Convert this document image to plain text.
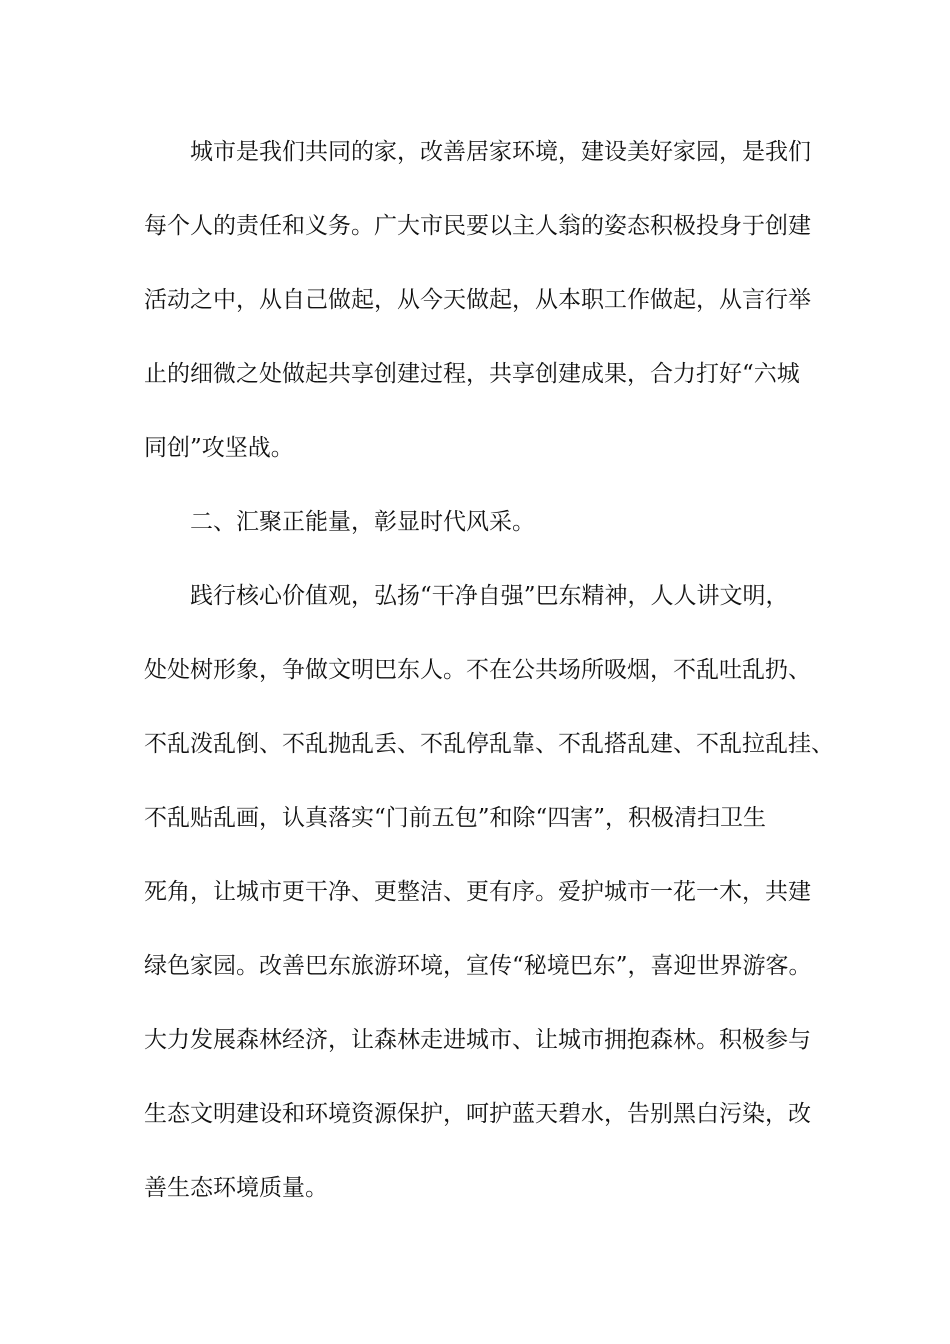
城市是我们共同的家，改善居家环境，建设美好家园，是我们

每个人的责任和义务。广大市民要以主人翁的姿态积极投身于创建

活动之中，从自己做起，从今天做起，从本职工作做起，从言行举

止的细微之处做起共享创建过程，共享创建成果，合力打好“六城

同创”攻坚战。

二、汇聚正能量，彰显时代风采。

践行核心价值观，弘扬“干净自强”巴东精神，人人讲文明，

处处树形象，争做文明巴东人。不在公共场所吸烟，不乱吐乱扔、

不乱泼乱倒、不乱抛乱丢、不乱停乱靠、不乱搭乱建、不乱拉乱挂、

不乱贴乱画，认真落实“门前五包”和除“四害”，积极清扫卫生

死角，让城市更干净、更整洁、更有序。爱护城市一花一木，共建

绿色家园。改善巴东旅游环境，宣传“秘境巴东”，喜迎世界游客。

大力发展森林经济，让森林走进城市、让城市拥抱森林。积极参与

生态文明建设和环境资源保护，呵护蓝天碧水，告别黑白污染，改

善生态环境质量。
